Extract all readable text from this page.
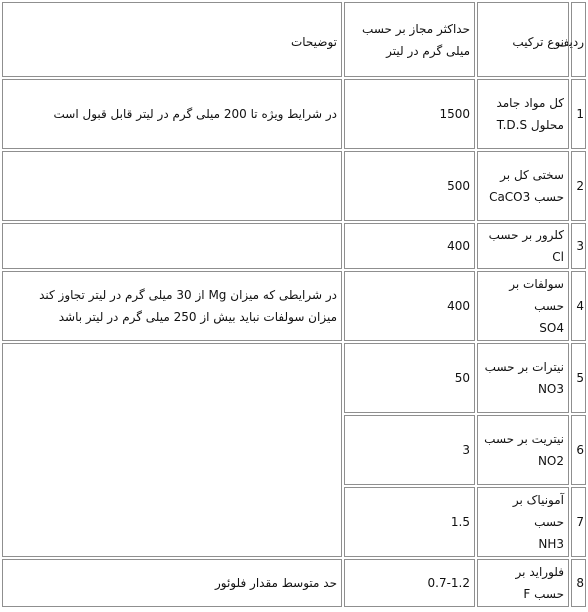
ردیف
نوع ترکیب
حداکثر مجاز بر حسب میلی گرم در لیتر
توضیحات
1
کل مواد جامد
محلول T.D.S
1500
در شرایط ویژه تا 200 میلی گرم در لیتر قابل قبول است
2
سختی کل بر
حسب CaCO3
500
3
کلرور بر حسب Cl
400
4
سولفات بر حسب
SO4
400
در شرایطی که میزان Mg از 30 میلی گرم در لیتر تجاوز کند
میزان سولفات نباید بیش از 250 میلی گرم در لیتر باشد
5
نیترات بر حسب
NO3
50
6
نیتریت بر حسب
NO2
3
7
آمونیاک بر حسب
NH3
1.5
8
فلوراید بر حسب F
0.7-1.2
حد متوسط مقدار فلوئور
